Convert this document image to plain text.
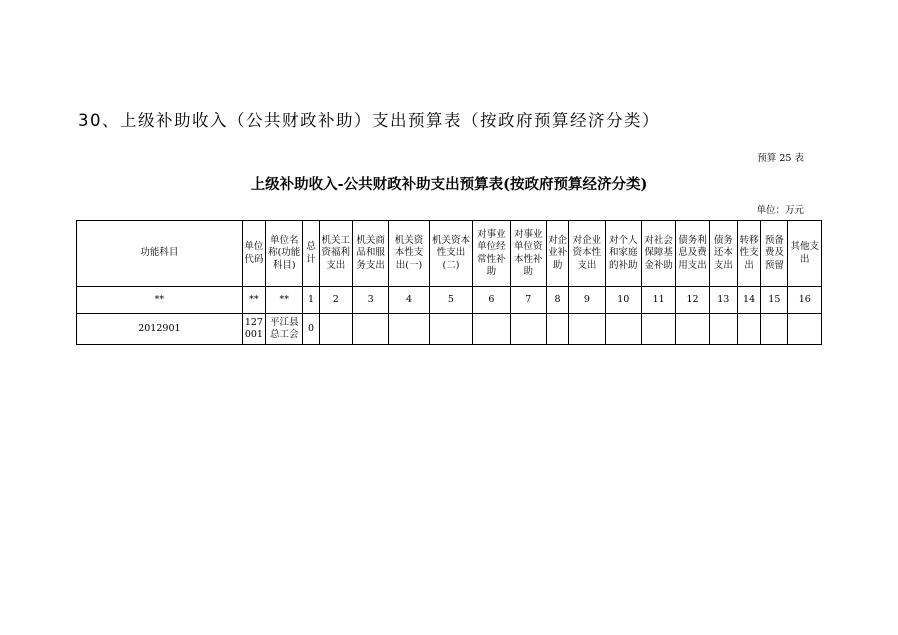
30、上级补助收入（公共财政补助）支出预算表（按政府预算经济分类）
预算 25 表
上级补助收入-公共财政补助支出预算表(按政府预算经济分类)
单位：万元
功能科目	单位代码	单位名称(功能科目)	总计	机关工资福利支出	机关商品和服务支出	机关资本性支出(一)	机关资本性支出(二)	对事业单位经常性补助	对事业单位资本性补助	对企业补助	对企业资本性支出	对个人和家庭的补助	对社会保障基金补助	债务利息及费用支出	债务还本支出	转移性支出	预备费及预留	其他支出
**	**	**	1	2	3	4	5	6	7	8	9	10	11	12	13	14	15	16
2012901	127001	平江县总工会	0															
